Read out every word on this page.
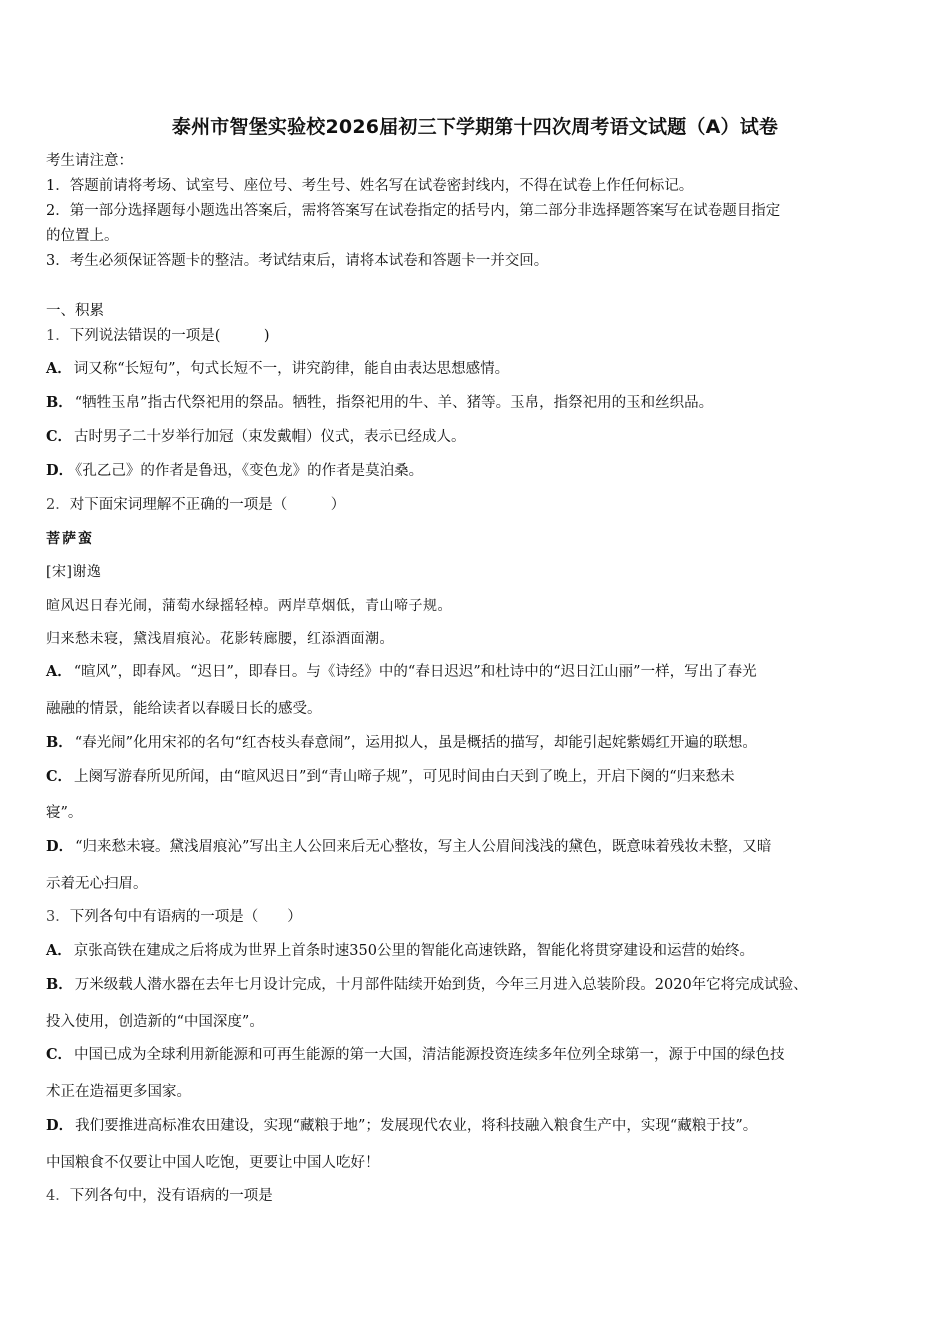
泰州市智堡实验校2026届初三下学期第十四次周考语文试题（A）试卷
考生请注意：
1．答题前请将考场、试室号、座位号、考生号、姓名写在试卷密封线内，不得在试卷上作任何标记。
2．第一部分选择题每小题选出答案后，需将答案写在试卷指定的括号内，第二部分非选择题答案写在试卷题目指定
的位置上。
3．考生必须保证答题卡的整洁。考试结束后，请将本试卷和答题卡一并交回。
一、积累
1．下列说法错误的一项是(　　　)
A． 词又称“长短句”，句式长短不一，讲究韵律，能自由表达思想感情。
B． “牺牲玉帛”指古代祭祀用的祭品。牺牲，指祭祀用的牛、羊、猪等。玉帛，指祭祀用的玉和丝织品。
C． 古时男子二十岁举行加冠（束发戴帽）仪式，表示已经成人。
D． 《孔乙己》的作者是鲁迅，《变色龙》的作者是莫泊桑。
2．对下面宋词理解不正确的一项是（　　　）
菩萨蛮
[宋]谢逸
暄风迟日春光闹，蒲萄水绿摇轻棹。两岸草烟低，青山啼子规。
归来愁未寝，黛浅眉痕沁。花影转廊腰，红添酒面潮。
A． “暄风”，即春风。“迟日”，即春日。与《诗经》中的“春日迟迟”和杜诗中的“迟日江山丽”一样，写出了春光
融融的情景，能给读者以春暖日长的感受。
B． “春光闹”化用宋祁的名句“红杏枝头春意闹”，运用拟人，虽是概括的描写，却能引起姹紫嫣红开遍的联想。
C． 上阕写游春所见所闻，由“暄风迟日”到“青山啼子规”，可见时间由白天到了晚上，开启下阕的“归来愁未
寝”。
D． “归来愁未寝。黛浅眉痕沁”写出主人公回来后无心整妆，写主人公眉间浅浅的黛色，既意味着残妆未整，又暗
示着无心扫眉。
3．下列各句中有语病的一项是（　　）
A． 京张高铁在建成之后将成为世界上首条时速350公里的智能化高速铁路，智能化将贯穿建设和运营的始终。
B． 万米级载人潜水器在去年七月设计完成，十月部件陆续开始到货，今年三月进入总装阶段。2020年它将完成试验、
投入使用，创造新的“中国深度”。
C． 中国已成为全球利用新能源和可再生能源的第一大国，清洁能源投资连续多年位列全球第一，源于中国的绿色技
术正在造福更多国家。
D． 我们要推进高标准农田建设，实现“藏粮于地”；发展现代农业，将科技融入粮食生产中，实现“藏粮于技”。
中国粮食不仅要让中国人吃饱，更要让中国人吃好！
4．下列各句中，没有语病的一项是
